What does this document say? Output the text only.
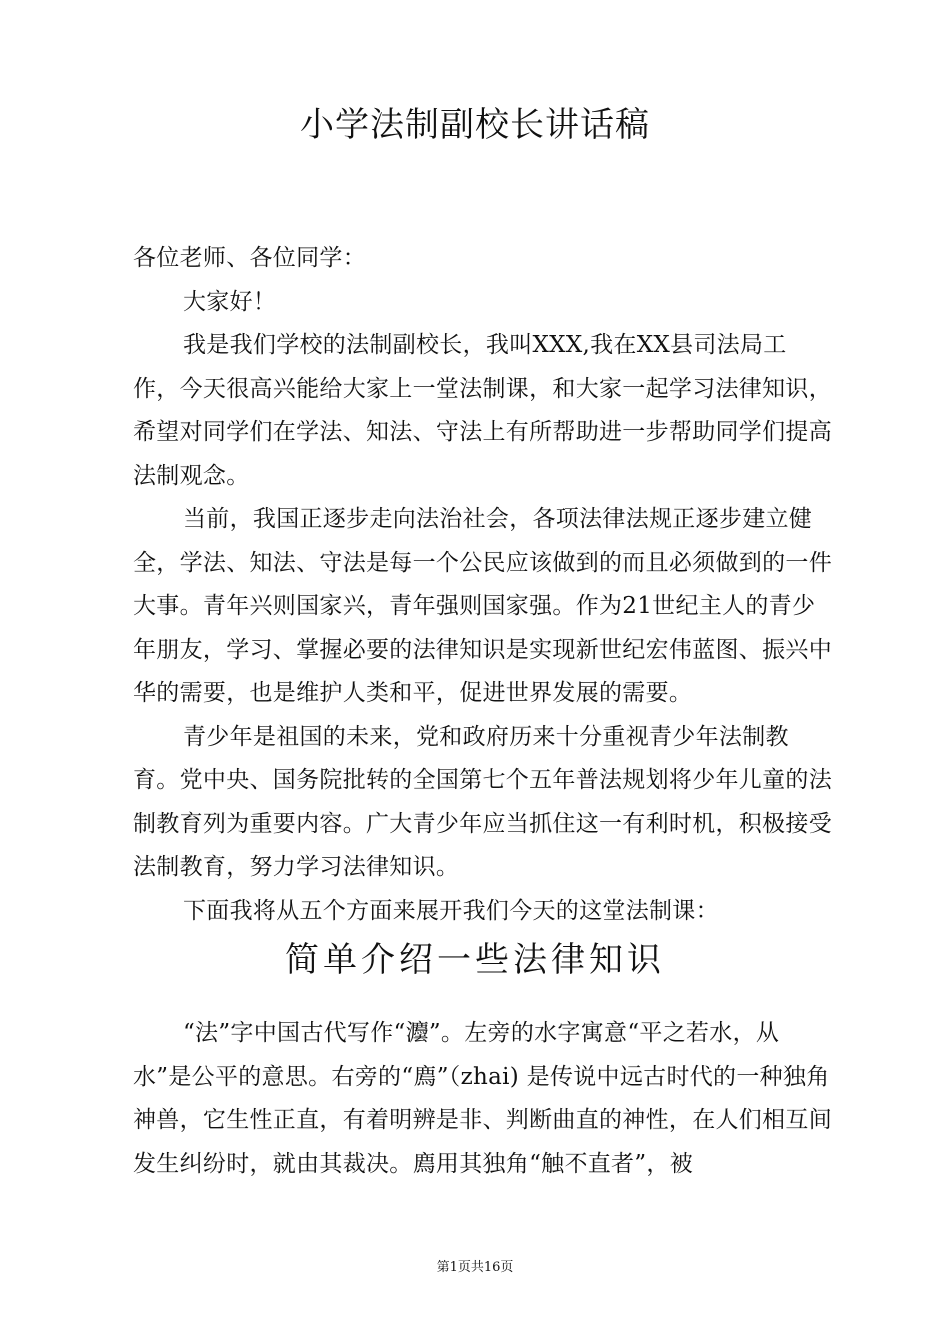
小学法制副校长讲话稿

各位老师、各位同学：

大家好！

我是我们学校的法制副校长，我叫XXX,我在XX县司法局工作，今天很高兴能给大家上一堂法制课，和大家一起学习法律知识，希望对同学们在学法、知法、守法上有所帮助进一步帮助同学们提高法制观念。

当前，我国正逐步走向法治社会，各项法律法规正逐步建立健全，学法、知法、守法是每一个公民应该做到的而且必须做到的一件大事。青年兴则国家兴，青年强则国家强。作为21世纪主人的青少年朋友，学习、掌握必要的法律知识是实现新世纪宏伟蓝图、振兴中华的需要，也是维护人类和平，促进世界发展的需要。

青少年是祖国的未来，党和政府历来十分重视青少年法制教育。党中央、国务院批转的全国第七个五年普法规划将少年儿童的法制教育列为重要内容。广大青少年应当抓住这一有利时机，积极接受法制教育，努力学习法律知识。

下面我将从五个方面来展开我们今天的这堂法制课：

简单介绍一些法律知识

“法”字中国古代写作“灋”。左旁的水字寓意“平之若水，从水”是公平的意思。右旁的“廌”（zhai) 是传说中远古时代的一种独角神兽，它生性正直，有着明辨是非、判断曲直的神性，在人们相互间发生纠纷时，就由其裁决。廌用其独角“触不直者”，被

第1页共16页
